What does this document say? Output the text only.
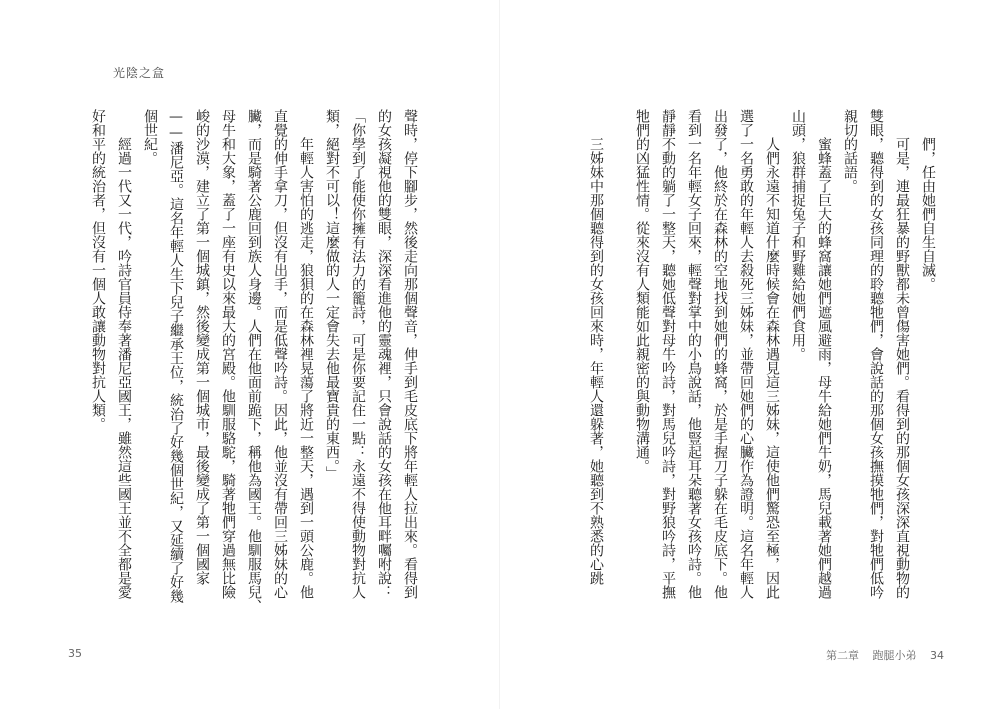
光陰之盒
聲時，停下腳步，然後走向那個聲音，伸手到毛皮底下將年輕人拉出來。看得到
的女孩凝視他的雙眼，深深看進他的靈魂裡，只會說話的女孩在他耳畔囑咐說：
「你學到了能使你擁有法力的籠詩，可是你要記住一點：永遠不得使動物對抗人
類，絕對不可以！這麼做的人一定會失去他最寶貴的東西。」
年輕人害怕的逃走，狼狽的在森林裡晃蕩了將近一整天，遇到一頭公鹿。他
直覺的伸手拿刀，但沒有出手，而是低聲吟詩。因此，他並沒有帶回三姊妹的心
臟，而是騎著公鹿回到族人身邊。人們在他面前跪下，稱他為國王。他馴服馬兒、
母牛和大象，蓋了一座有史以來最大的宮殿。他馴服駱駝，騎著牠們穿過無比險
峻的沙漠，建立了第一個城鎮，然後變成第一個城市，最後變成了第一個國家
——潘尼亞。這名年輕人生下兒子繼承王位，統治了好幾個世紀，又延續了好幾
個世紀。
經過一代又一代，吟詩官員侍奉著潘尼亞國王，雖然這些國王並不全都是愛
好和平的統治者，但沒有一個人敢讓動物對抗人類。
35
們，任由她們自生自滅。
可是，連最狂暴的野獸都未曾傷害她們。看得到的那個女孩深深直視動物的
雙眼，聽得到的女孩同理的聆聽牠們，會說話的那個女孩撫摸牠們，對牠們低吟
親切的話語。
蜜蜂蓋了巨大的蜂窩讓她們遮風避雨，母牛給她們牛奶，馬兒載著她們越過
山頭，狼群捕捉兔子和野雞給她們食用。
人們永遠不知道什麼時候會在森林遇見這三姊妹，這使他們驚恐至極，因此
選了一名勇敢的年輕人去殺死三姊妹，並帶回她們的心臟作為證明。這名年輕人
出發了，他終於在森林的空地找到她們的蜂窩，於是手握刀子躲在毛皮底下。他
看到一名年輕女子回來，輕聲對掌中的小鳥說話，他豎起耳朵聽著女孩吟詩。他
靜靜不動的躺了一整天，聽她低聲對母牛吟詩，對馬兒吟詩，對野狼吟詩，平撫
牠們的凶猛性情。從來沒有人類能如此親密的與動物溝通。
三姊妹中那個聽得到的女孩回來時，年輕人還躲著，她聽到不熟悉的心跳
第二章 跑腿小弟 34
